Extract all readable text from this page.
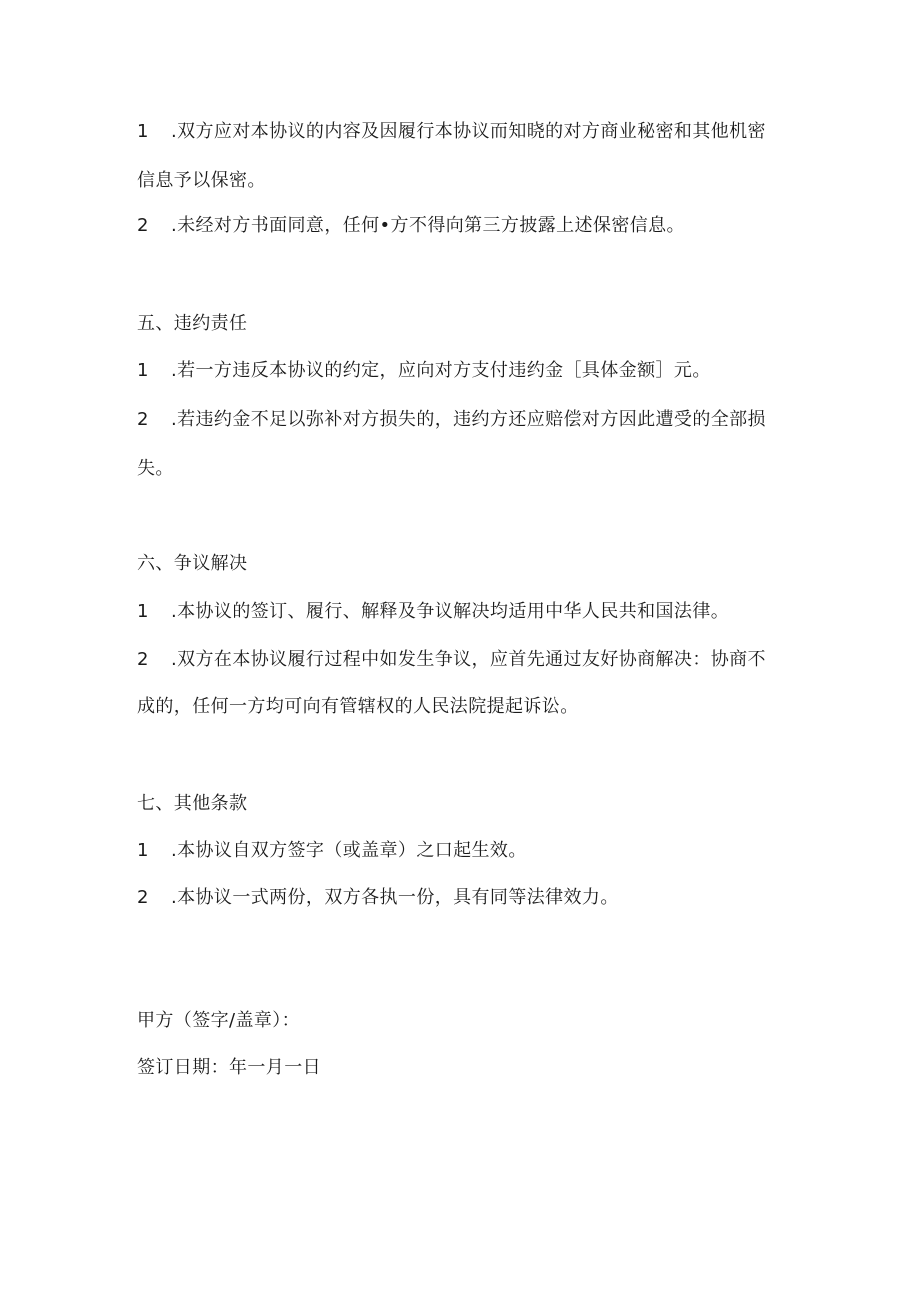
1 .双方应对本协议的内容及因履行本协议而知晓的对方商业秘密和其他机密
信息予以保密。
2 .未经对方书面同意，任何•方不得向第三方披露上述保密信息。
五、违约责任
1 .若一方违反本协议的约定，应向对方支付违约金［具体金额］元。
2 .若违约金不足以弥补对方损失的，违约方还应赔偿对方因此遭受的全部损
失。
六、争议解决
1 .本协议的签订、履行、解释及争议解决均适用中华人民共和国法律。
2 .双方在本协议履行过程中如发生争议，应首先通过友好协商解决：协商不
成的，任何一方均可向有管辖权的人民法院提起诉讼。
七、其他条款
1 .本协议自双方签字（或盖章）之口起生效。
2 .本协议一式两份，双方各执一份，具有同等法律效力。
甲方（签字/盖章）：
签订日期：年一月一日
